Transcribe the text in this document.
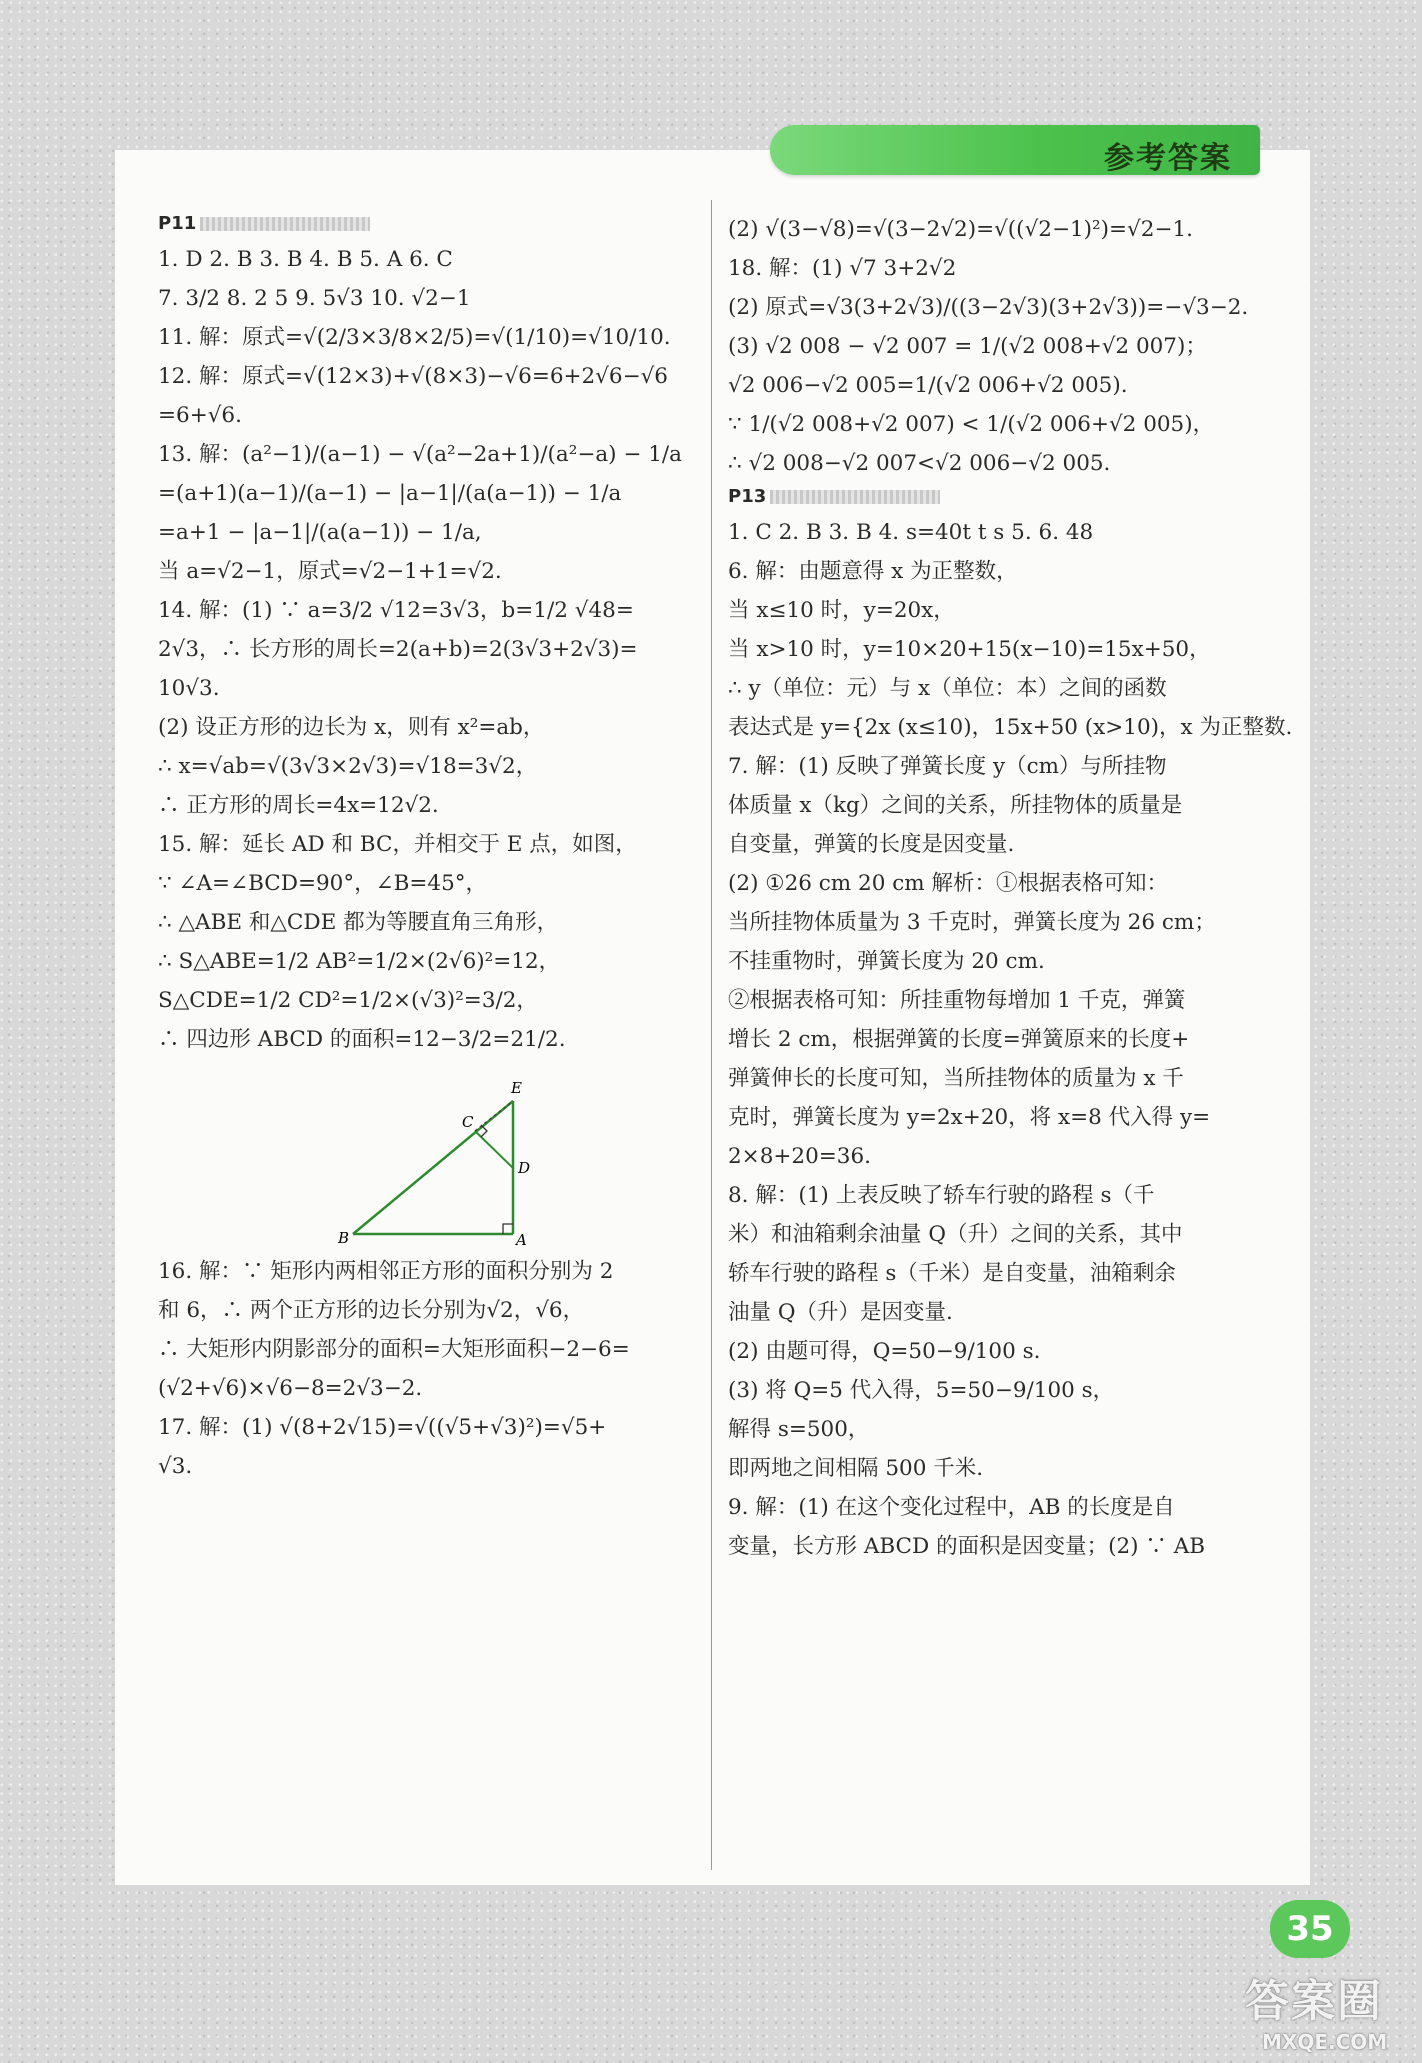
参考答案
P11
1. D 2. B 3. B 4. B 5. A 6. C
7. 3/2 8. 2 5 9. 5√3 10. √2−1
11. 解：原式=√(2/3×3/8×2/5)=√(1/10)=√10/10.
12. 解：原式=√(12×3)+√(8×3)−√6=6+2√6−√6
=6+√6.
13. 解：(a²−1)/(a−1) − √(a²−2a+1)/(a²−a) − 1/a
=(a+1)(a−1)/(a−1) − |a−1|/(a(a−1)) − 1/a
=a+1 − |a−1|/(a(a−1)) − 1/a,
当 a=√2−1，原式=√2−1+1=√2.
14. 解：(1) ∵ a=3/2 √12=3√3，b=1/2 √48=
2√3，∴ 长方形的周长=2(a+b)=2(3√3+2√3)=
10√3.
(2) 设正方形的边长为 x，则有 x²=ab，
∴ x=√ab=√(3√3×2√3)=√18=3√2，
∴ 正方形的周长=4x=12√2.
15. 解：延长 AD 和 BC，并相交于 E 点，如图，
∵ ∠A=∠BCD=90°，∠B=45°，
∴ △ABE 和△CDE 都为等腰直角三角形，
∴ S△ABE=1/2 AB²=1/2×(2√6)²=12，
S△CDE=1/2 CD²=1/2×(√3)²=3/2，
∴ 四边形 ABCD 的面积=12−3/2=21/2.
E
C
D
B	A
16. 解：∵ 矩形内两相邻正方形的面积分别为 2
和 6，∴ 两个正方形的边长分别为√2，√6，
∴ 大矩形内阴影部分的面积=大矩形面积−2−6=
(√2+√6)×√6−8=2√3−2.
17. 解：(1) √(8+2√15)=√((√5+√3)²)=√5+
√3.
(2) √(3−√8)=√(3−2√2)=√((√2−1)²)=√2−1.
18. 解：(1) √7 3+2√2
(2) 原式=√3(3+2√3)/((3−2√3)(3+2√3))=−√3−2.
(3) √2 008 − √2 007 = 1/(√2 008+√2 007)；
√2 006−√2 005=1/(√2 006+√2 005).
∵ 1/(√2 008+√2 007) < 1/(√2 006+√2 005)，
∴ √2 008−√2 007<√2 006−√2 005.
P13
1. C 2. B 3. B 4. s=40t t s 5. 6. 48
6. 解：由题意得 x 为正整数，
当 x≤10 时，y=20x，
当 x>10 时，y=10×20+15(x−10)=15x+50，
∴ y（单位：元）与 x（单位：本）之间的函数
表达式是 y={2x (x≤10)，15x+50 (x>10)，x 为正整数.
7. 解：(1) 反映了弹簧长度 y（cm）与所挂物
体质量 x（kg）之间的关系，所挂物体的质量是
自变量，弹簧的长度是因变量.
(2) ①26 cm 20 cm 解析：①根据表格可知：
当所挂物体质量为 3 千克时，弹簧长度为 26 cm；
不挂重物时，弹簧长度为 20 cm.
②根据表格可知：所挂重物每增加 1 千克，弹簧
增长 2 cm，根据弹簧的长度=弹簧原来的长度+
弹簧伸长的长度可知，当所挂物体的质量为 x 千
克时，弹簧长度为 y=2x+20，将 x=8 代入得 y=
2×8+20=36.
8. 解：(1) 上表反映了轿车行驶的路程 s（千
米）和油箱剩余油量 Q（升）之间的关系，其中
轿车行驶的路程 s（千米）是自变量，油箱剩余
油量 Q（升）是因变量.
(2) 由题可得，Q=50−9/100 s.
(3) 将 Q=5 代入得，5=50−9/100 s，
解得 s=500，
即两地之间相隔 500 千米.
9. 解：(1) 在这个变化过程中，AB 的长度是自
变量，长方形 ABCD 的面积是因变量；(2) ∵ AB
35
答案圈
MXQE.COM
